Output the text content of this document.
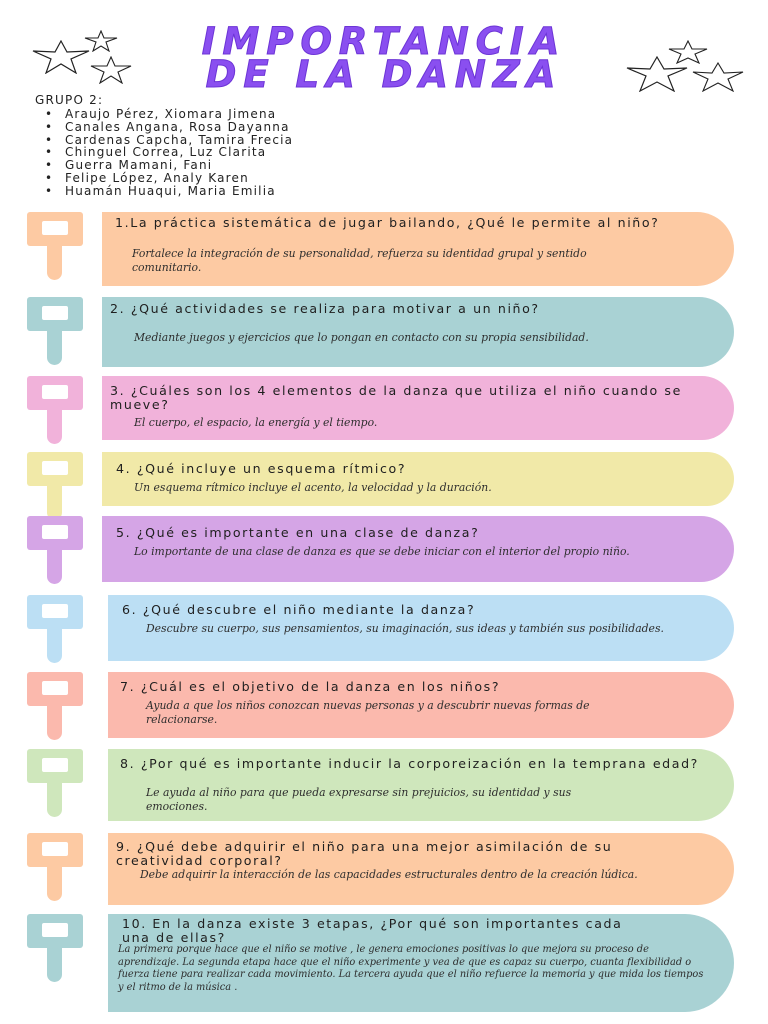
IMPORTANCIA
DE LA DANZA
GRUPO 2:
• Araujo Pérez, Xiomara Jimena
• Canales Angana, Rosa Dayanna
• Cardenas Capcha, Tamira Frecia
• Chinguel Correa, Luz Clarita
• Guerra Mamani, Fani
• Felipe López, Analy Karen
• Huamán Huaqui, Maria Emilia
1.La práctica sistemática de jugar bailando, ¿Qué le permite al niño?
Fortalece la integración de su personalidad, refuerza su identidad grupal y sentido comunitario.
2. ¿Qué actividades se realiza para motivar a un niño?
Mediante juegos y ejercicios que lo pongan en contacto con su propia sensibilidad.
3. ¿Cuáles son los 4 elementos de la danza que utiliza el niño cuando se mueve?
El cuerpo, el espacio, la energía y el tiempo.
4. ¿Qué incluye un esquema rítmico?
Un esquema rítmico incluye el acento, la velocidad y la duración.
5. ¿Qué es importante en una clase de danza?
Lo importante de una clase de danza es que se debe iniciar con el interior del propio niño.
6. ¿Qué descubre el niño mediante la danza?
Descubre su cuerpo, sus pensamientos, su imaginación, sus ideas y también sus posibilidades.
7. ¿Cuál es el objetivo de la danza en los niños?
Ayuda a que los niños conozcan nuevas personas y a descubrir nuevas formas de relacionarse.
8. ¿Por qué es importante inducir la corporeización en la temprana edad?
Le ayuda al niño para que pueda expresarse sin prejuicios, su identidad y sus emociones.
9. ¿Qué debe adquirir el niño para una mejor asimilación de su creatividad corporal?
Debe adquirir la interacción de las capacidades estructurales dentro de la creación lúdica.
10. En la danza existe 3 etapas, ¿Por qué son importantes cada una de ellas?
La primera porque hace que el niño se motive , le genera emociones positivas lo que mejora su proceso de aprendizaje. La segunda etapa hace que el niño experimente y vea de que es capaz su cuerpo, cuanta flexibilidad o fuerza tiene para realizar cada movimiento. La tercera ayuda que el niño refuerce la memoria y que mida los tiempos y el ritmo de la música .
